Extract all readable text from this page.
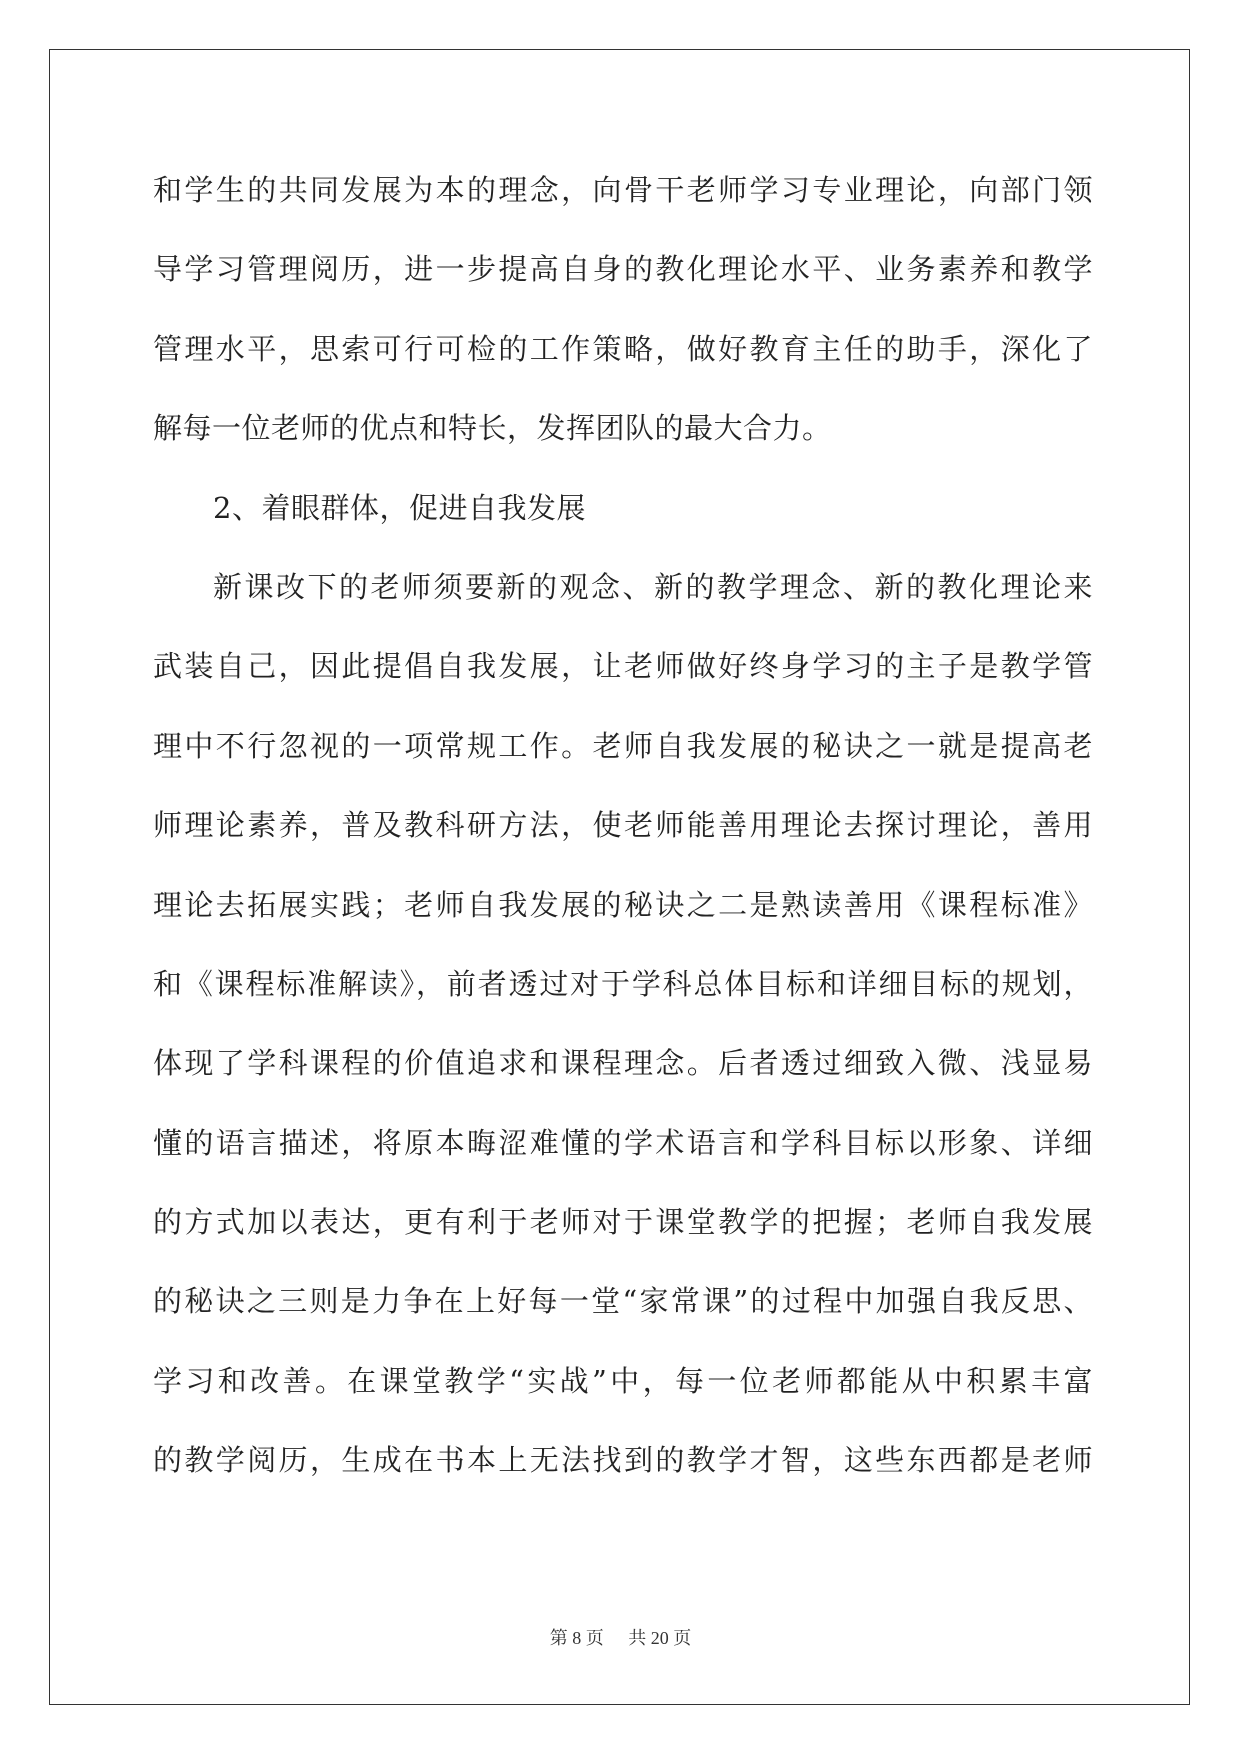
和学生的共同发展为本的理念，向骨干老师学习专业理论，向部门领
导学习管理阅历，进一步提高自身的教化理论水平、业务素养和教学
管理水平，思索可行可检的工作策略，做好教育主任的助手，深化了
解每一位老师的优点和特长，发挥团队的最大合力。
2、着眼群体，促进自我发展
新课改下的老师须要新的观念、新的教学理念、新的教化理论来
武装自己，因此提倡自我发展，让老师做好终身学习的主子是教学管
理中不行忽视的一项常规工作。老师自我发展的秘诀之一就是提高老
师理论素养，普及教科研方法，使老师能善用理论去探讨理论，善用
理论去拓展实践；老师自我发展的秘诀之二是熟读善用《课程标准》
和《课程标准解读》，前者透过对于学科总体目标和详细目标的规划，
体现了学科课程的价值追求和课程理念。后者透过细致入微、浅显易
懂的语言描述，将原本晦涩难懂的学术语言和学科目标以形象、详细
的方式加以表达，更有利于老师对于课堂教学的把握；老师自我发展
的秘诀之三则是力争在上好每一堂“家常课”的过程中加强自我反思、
学习和改善。在课堂教学“实战”中，每一位老师都能从中积累丰富
的教学阅历，生成在书本上无法找到的教学才智，这些东西都是老师
第 8 页 共 20 页
